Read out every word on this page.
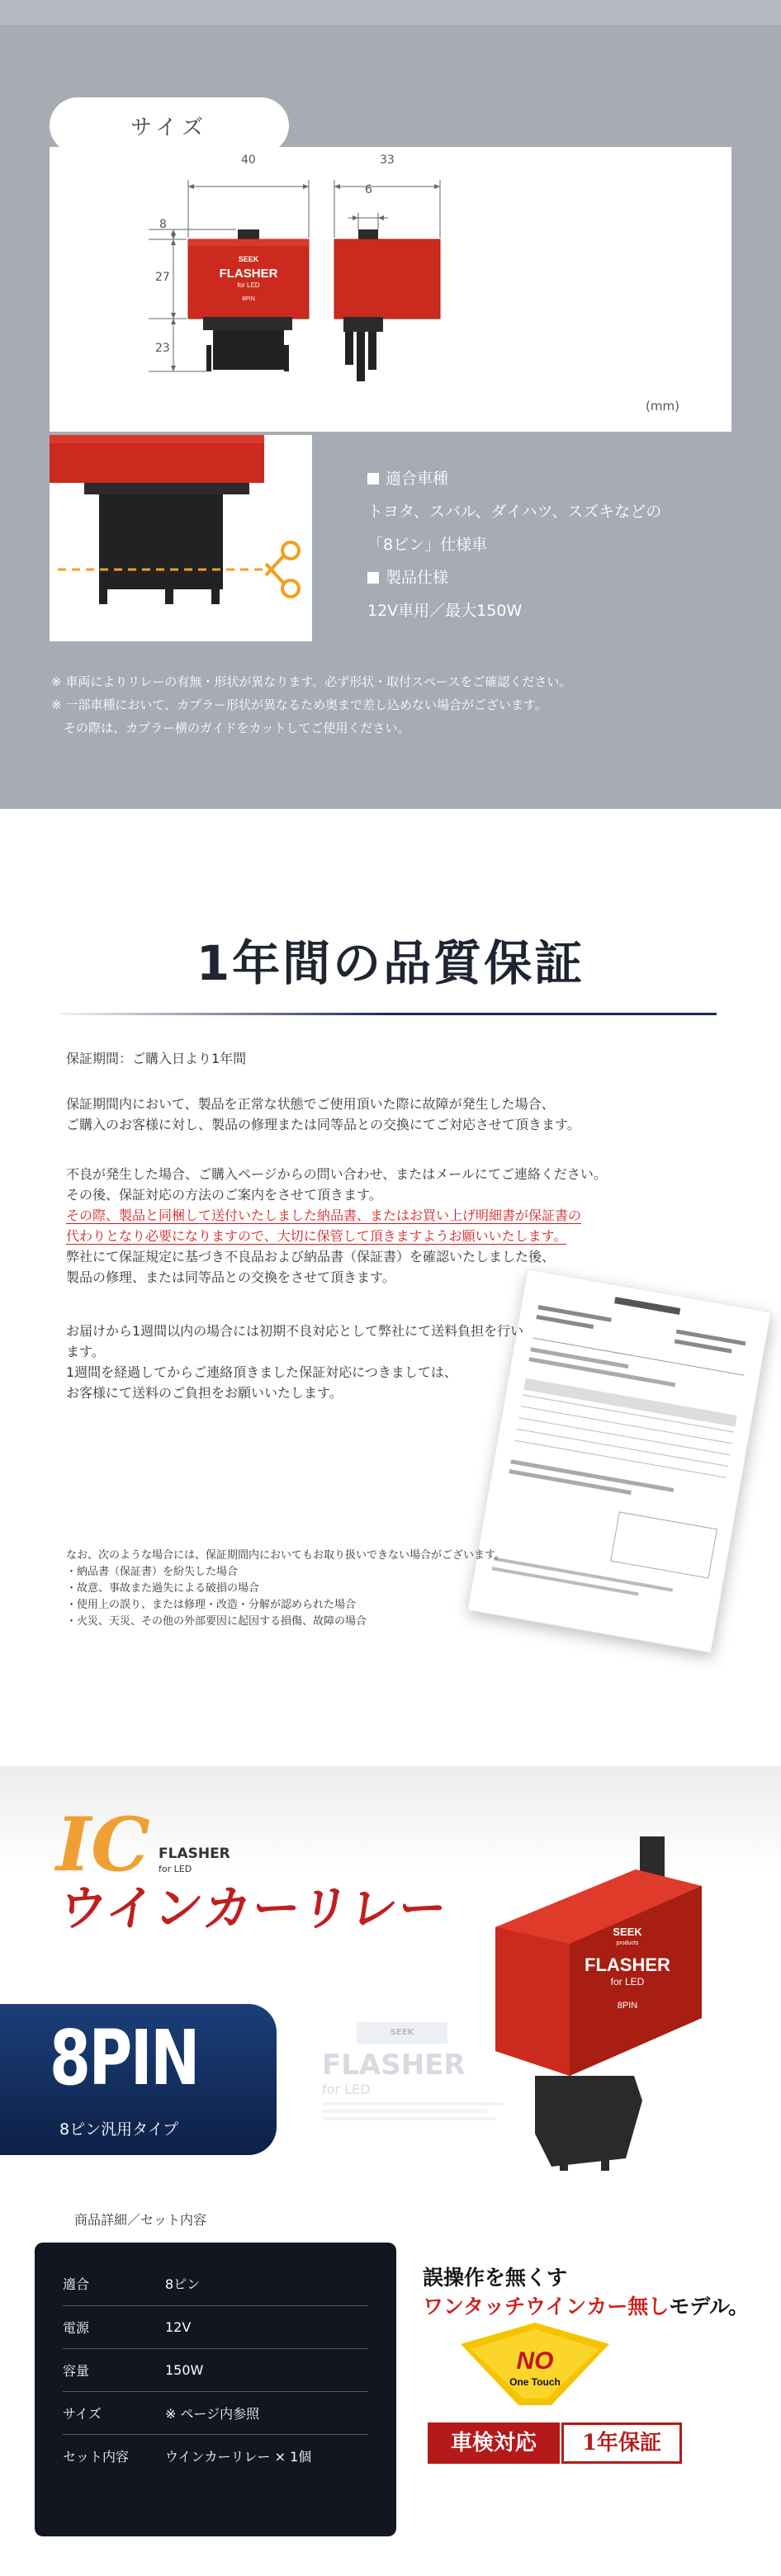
サイズ
SEEK
FLASHER
for LED
8PIN
40	33
6
8
27
23
(mm)
適合車種
トヨタ、スバル、ダイハツ、スズキなどの
「8ピン」仕様車
製品仕様
12V車用／最大150W
※ 車両によりリレーの有無・形状が異なります。必ず形状・取付スペースをご確認ください。
※ 一部車種において、カプラー形状が異なるため奥まで差し込めない場合がございます。
　その際は、カプラー横のガイドをカットしてご使用ください。
1年間の品質保証
保証期間：ご購入日より1年間
保証期間内において、製品を正常な状態でご使用頂いた際に故障が発生した場合、
ご購入のお客様に対し、製品の修理または同等品との交換にてご対応させて頂きます。
不良が発生した場合、ご購入ページからの問い合わせ、またはメールにてご連絡ください。
その後、保証対応の方法のご案内をさせて頂きます。
その際、製品と同梱して送付いたしました納品書、またはお買い上げ明細書が保証書の
代わりとなり必要になりますので、大切に保管して頂きますようお願いいたします。
弊社にて保証規定に基づき不良品および納品書（保証書）を確認いたしました後、
製品の修理、または同等品との交換をさせて頂きます。
お届けから1週間以内の場合には初期不良対応として弊社にて送料負担を行います。
1週間を経過してからご連絡頂きました保証対応につきましては、
お客様にて送料のご負担をお願いいたします。
なお、次のような場合には、保証期間内においてもお取り扱いできない場合がございます。
・納品書（保証書）を紛失した場合
・故意、事故また過失による破損の場合
・使用上の誤り、または修理・改造・分解が認められた場合
・火災、天災、その他の外部要因に起因する損傷、故障の場合
IC FLASHER
for LED
ウインカーリレー	SEEK
products
FLASHER
for LED
8PIN
8PIN
8ピン汎用タイプ
SEEK
FLASHER
for LED
商品詳細／セット内容
適合	8ピン
電源	12V
容量	150W
サイズ	※ ページ内参照
セット内容	ウインカーリレー × 1個
誤操作を無くす
ワンタッチウインカー無しモデル。
NO
One Touch
車検対応	1年保証
